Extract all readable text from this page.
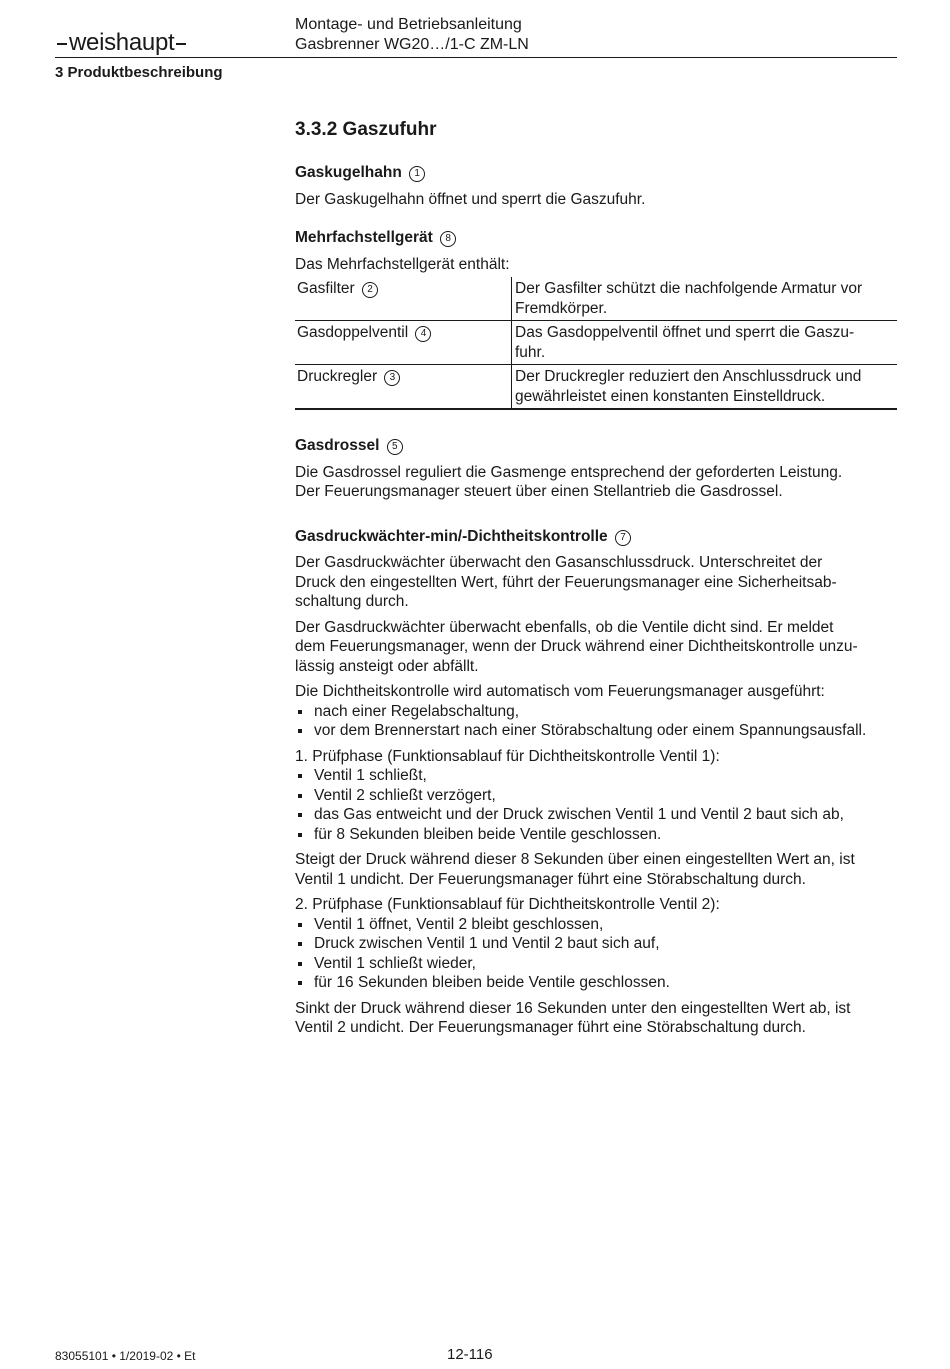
weishaupt
Montage- und Betriebsanleitung
Gasbrenner WG20…/1-C ZM-LN
3 Produktbeschreibung
3.3.2 Gaszufuhr
Gaskugelhahn 1

Der Gaskugelhahn öffnet und sperrt die Gaszufuhr.

Mehrfachstellgerät 8

Das Mehrfachstellgerät enthält:

Gasfilter 2	Der Gasfilter schützt die nachfolgende Armatur vor
Fremdkörper.

Gasdoppelventil 4	Das Gasdoppelventil öffnet und sperrt die Gaszu-
fuhr.

Druckregler 3	Der Druckregler reduziert den Anschlussdruck und
gewährleistet einen konstanten Einstelldruck.
Gasdrossel 5
Die Gasdrossel reguliert die Gasmenge entsprechend der geforderten Leistung.
Der Feuerungsmanager steuert über einen Stellantrieb die Gasdrossel.
Gasdruckwächter-min/-Dichtheitskontrolle 7
Der Gasdruckwächter überwacht den Gasanschlussdruck. Unterschreitet der
Druck den eingestellten Wert, führt der Feuerungsmanager eine Sicherheitsab-
schaltung durch.
Der Gasdruckwächter überwacht ebenfalls, ob die Ventile dicht sind. Er meldet
dem Feuerungsmanager, wenn der Druck während einer Dichtheitskontrolle unzu-
lässig ansteigt oder abfällt.
Die Dichtheitskontrolle wird automatisch vom Feuerungsmanager ausgeführt:
nach einer Regelabschaltung,
vor dem Brennerstart nach einer Störabschaltung oder einem Spannungsausfall.
1. Prüfphase (Funktionsablauf für Dichtheitskontrolle Ventil 1):
Ventil 1 schließt,
Ventil 2 schließt verzögert,
das Gas entweicht und der Druck zwischen Ventil 1 und Ventil 2 baut sich ab,
für 8 Sekunden bleiben beide Ventile geschlossen.
Steigt der Druck während dieser 8 Sekunden über einen eingestellten Wert an, ist
Ventil 1 undicht. Der Feuerungsmanager führt eine Störabschaltung durch.
2. Prüfphase (Funktionsablauf für Dichtheitskontrolle Ventil 2):
Ventil 1 öffnet, Ventil 2 bleibt geschlossen,
Druck zwischen Ventil 1 und Ventil 2 baut sich auf,
Ventil 1 schließt wieder,
für 16 Sekunden bleiben beide Ventile geschlossen.
Sinkt der Druck während dieser 16 Sekunden unter den eingestellten Wert ab, ist
Ventil 2 undicht. Der Feuerungsmanager führt eine Störabschaltung durch.
83055101 • 1/2019-02 • Et	12-116
